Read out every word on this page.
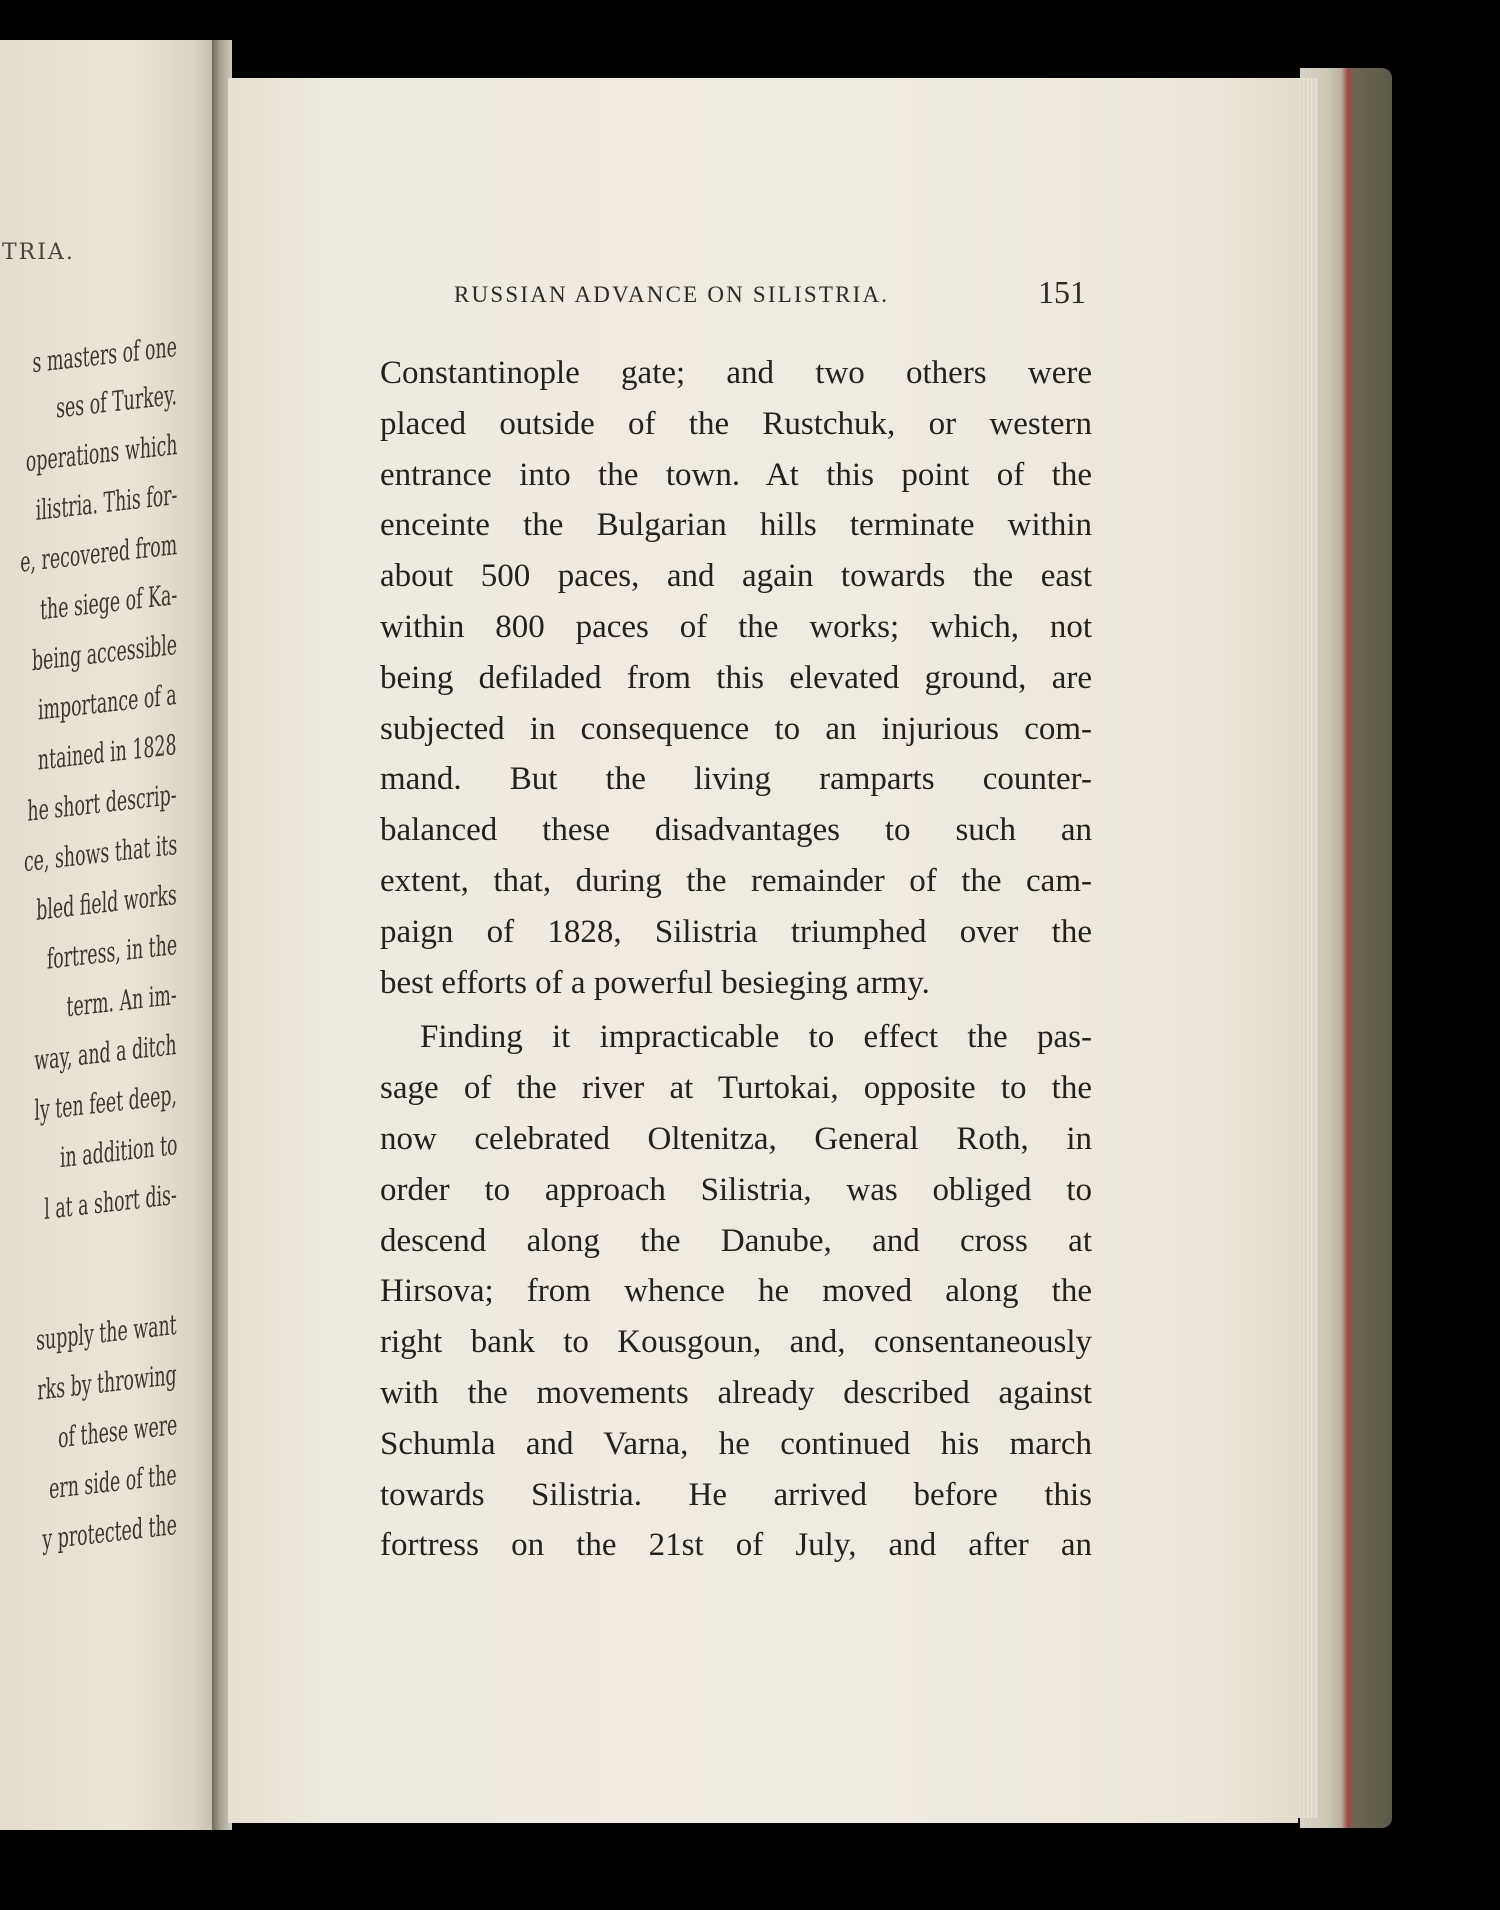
TRIA.
s masters of one
ses of Turkey.
operations which
ilistria. This for-
e, recovered from
the siege of Ka-
being accessible
importance of a
ntained in 1828
he short descrip-
ce, shows that its
bled field works
fortress, in the
term. An im-
way, and a ditch
ly ten feet deep,
in addition to
l at a short dis-
supply the want
rks by throwing
of these were
ern side of the
y protected the
RUSSIAN ADVANCE ON SILISTRIA.	151
Constantinople gate; and two others were
placed outside of the Rustchuk, or western
entrance into the town. At this point of the
enceinte the Bulgarian hills terminate within
about 500 paces, and again towards the east
within 800 paces of the works; which, not
being defiladed from this elevated ground, are
subjected in consequence to an injurious com-
mand. But the living ramparts counter-
balanced these disadvantages to such an
extent, that, during the remainder of the cam-
paign of 1828, Silistria triumphed over the
best efforts of a powerful besieging army.
Finding it impracticable to effect the pas-
sage of the river at Turtokai, opposite to the
now celebrated Oltenitza, General Roth, in
order to approach Silistria, was obliged to
descend along the Danube, and cross at
Hirsova; from whence he moved along the
right bank to Kousgoun, and, consentaneously
with the movements already described against
Schumla and Varna, he continued his march
towards Silistria. He arrived before this
fortress on the 21st of July, and after an
